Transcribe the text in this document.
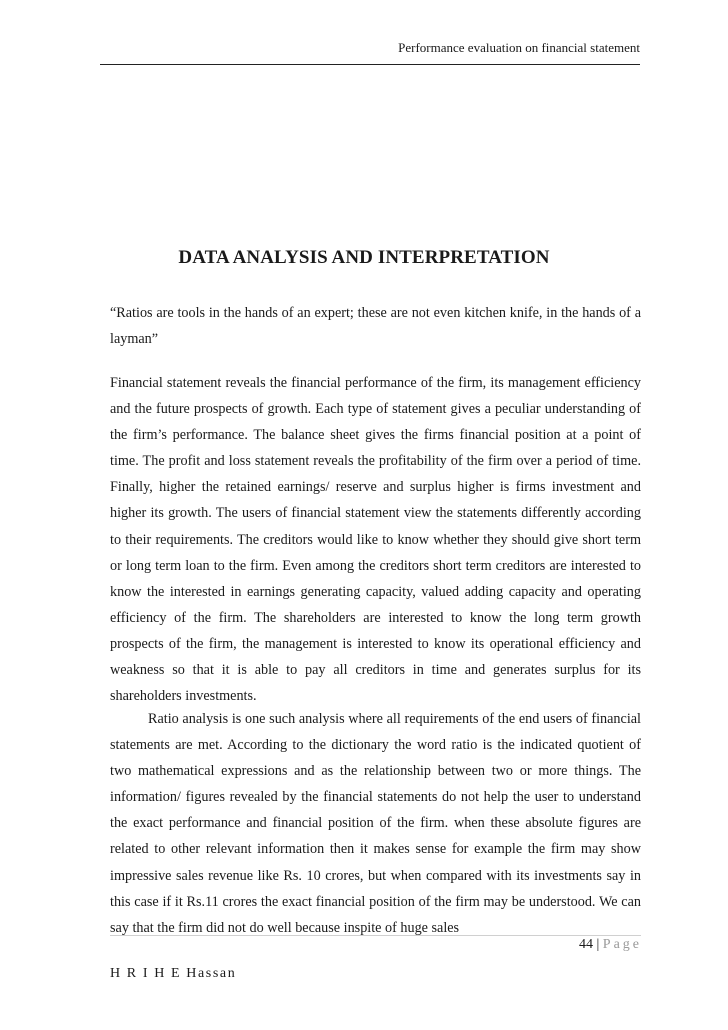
Performance evaluation on financial statement
DATA ANALYSIS AND INTERPRETATION

“Ratios are tools in the hands of an expert; these are not even kitchen knife, in the hands of a layman”

Financial statement reveals the financial performance of the firm, its management efficiency and the future prospects of growth. Each type of statement gives a peculiar understanding of the firm’s performance. The balance sheet gives the firms financial position at a point of time. The profit and loss statement reveals the profitability of the firm over a period of time. Finally, higher the retained earnings/ reserve and surplus higher is firms investment and higher its growth. The users of financial statement view the statements differently according to their requirements. The creditors would like to know whether they should give short term or long term loan to the firm. Even among the creditors short term creditors are interested to know the interested in earnings generating capacity, valued adding capacity and operating efficiency of the firm. The shareholders are interested to know the long term growth prospects of the firm, the management is interested to know its operational efficiency and weakness so that it is able to pay all creditors in time and generates surplus for its shareholders investments.

Ratio analysis is one such analysis where all requirements of the end users of financial statements are met. According to the dictionary the word ratio is the indicated quotient of two mathematical expressions and as the relationship between two or more things. The information/ figures revealed by the financial statements do not help the user to understand the exact performance and financial position of the firm. when these absolute figures are related to other relevant information then it makes sense for example the firm may show impressive sales revenue like Rs. 10 crores, but when compared with its investments say in this case if it Rs.11 crores the exact financial position of the firm may be understood. We can say that the firm did not do well because inspite of huge sales

44 | Page
H R I H E Hassan
